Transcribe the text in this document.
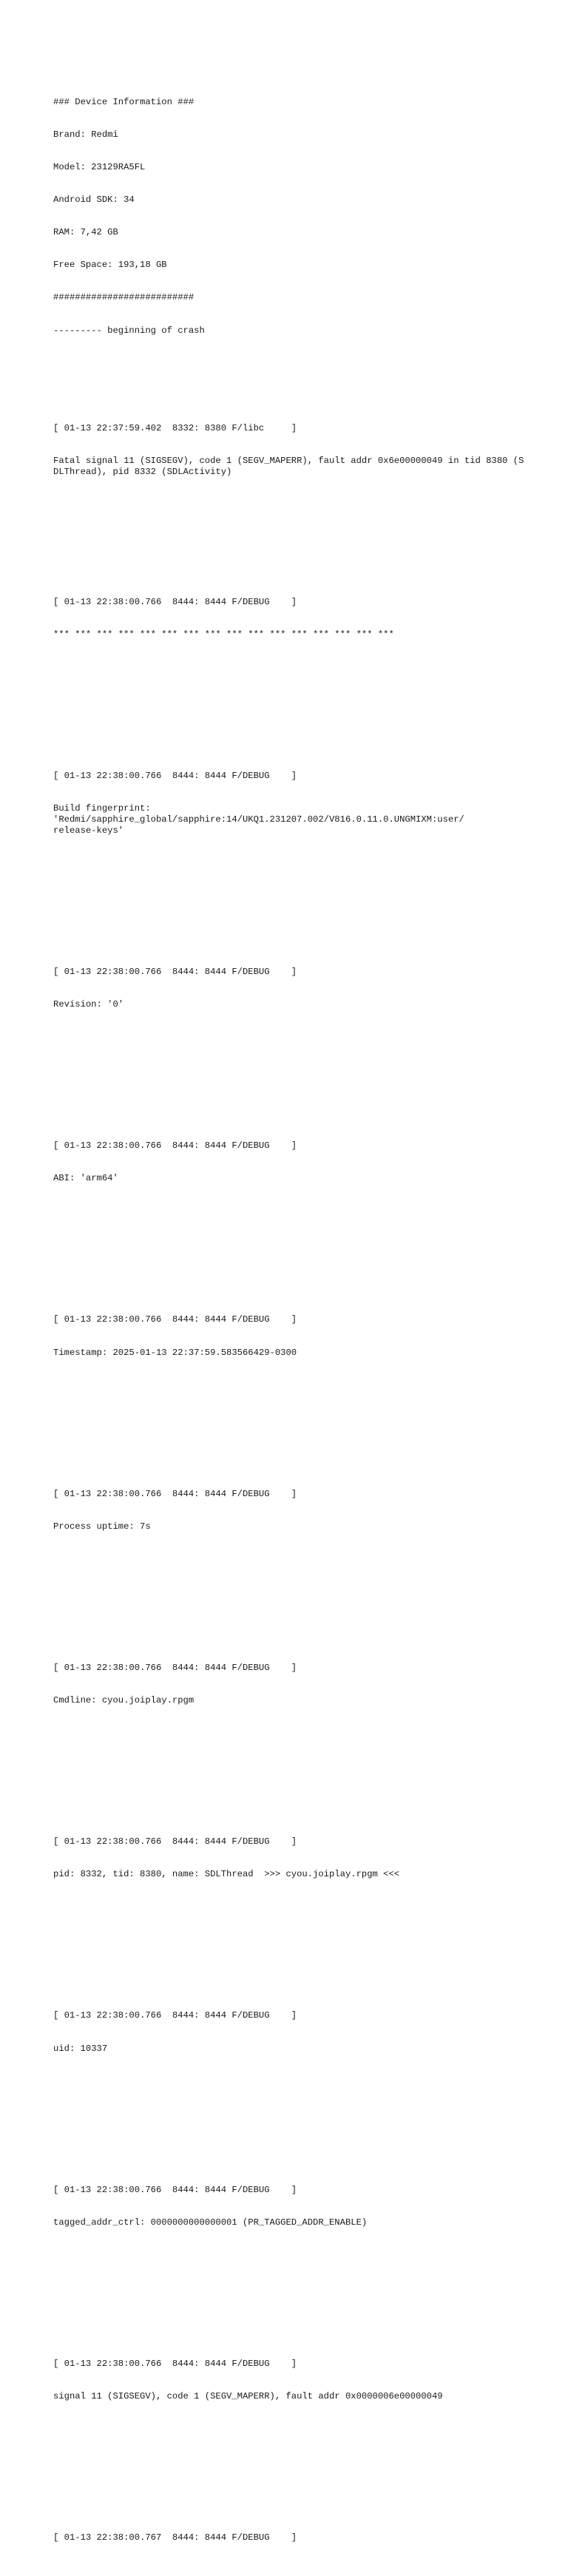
### Device Information ###

Brand: Redmi

Model: 23129RA5FL

Android SDK: 34

RAM: 7,42 GB

Free Space: 193,18 GB

##########################

--------- beginning of crash

[ 01-13 22:37:59.402  8332: 8380 F/libc     ]

Fatal signal 11 (SIGSEGV), code 1 (SEGV_MAPERR), fault addr 0x6e00000049 in tid 8380 (SDLThread), pid 8332 (SDLActivity)

[ 01-13 22:38:00.766  8444: 8444 F/DEBUG    ]

*** *** *** *** *** *** *** *** *** *** *** *** *** *** *** ***

[ 01-13 22:38:00.766  8444: 8444 F/DEBUG    ]

Build fingerprint:
'Redmi/sapphire_global/sapphire:14/UKQ1.231207.002/V816.0.11.0.UNGMIXM:user/
release-keys'

[ 01-13 22:38:00.766  8444: 8444 F/DEBUG    ]

Revision: '0'

[ 01-13 22:38:00.766  8444: 8444 F/DEBUG    ]

ABI: 'arm64'

[ 01-13 22:38:00.766  8444: 8444 F/DEBUG    ]

Timestamp: 2025-01-13 22:37:59.583566429-0300

[ 01-13 22:38:00.766  8444: 8444 F/DEBUG    ]

Process uptime: 7s

[ 01-13 22:38:00.766  8444: 8444 F/DEBUG    ]

Cmdline: cyou.joiplay.rpgm

[ 01-13 22:38:00.766  8444: 8444 F/DEBUG    ]

pid: 8332, tid: 8380, name: SDLThread  >>> cyou.joiplay.rpgm <<<

[ 01-13 22:38:00.766  8444: 8444 F/DEBUG    ]

uid: 10337

[ 01-13 22:38:00.766  8444: 8444 F/DEBUG    ]

tagged_addr_ctrl: 0000000000000001 (PR_TAGGED_ADDR_ENABLE)

[ 01-13 22:38:00.766  8444: 8444 F/DEBUG    ]

signal 11 (SIGSEGV), code 1 (SEGV_MAPERR), fault addr 0x0000006e00000049

[ 01-13 22:38:00.767  8444: 8444 F/DEBUG    ]
